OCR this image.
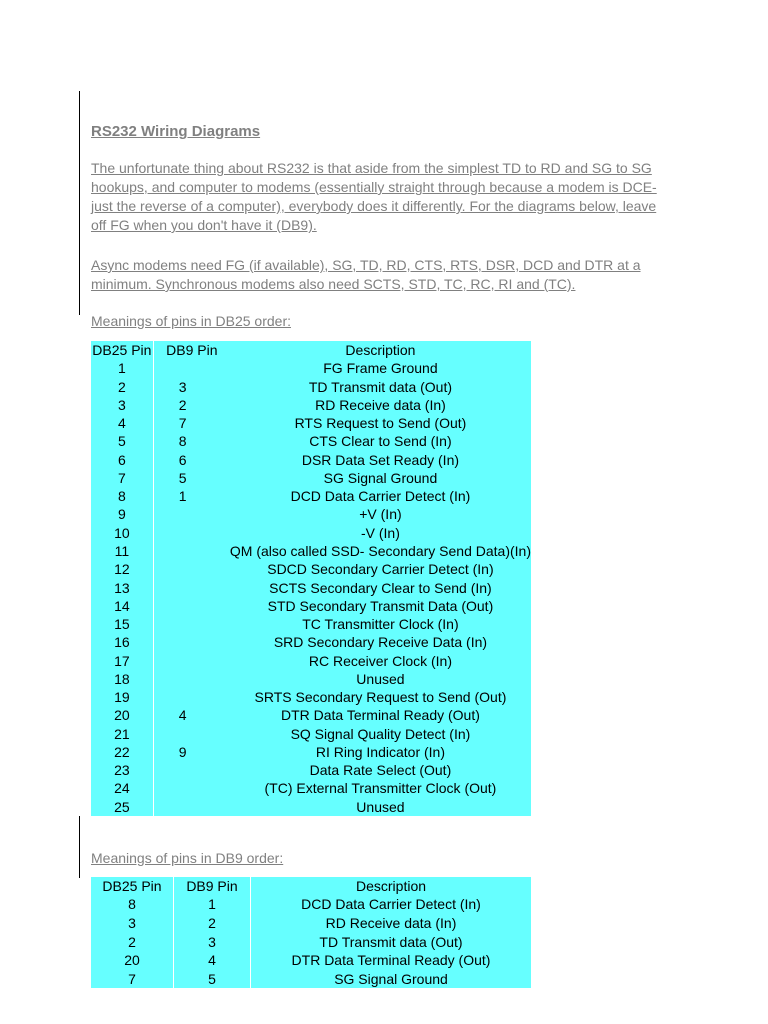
RS232 Wiring Diagrams
The unfortunate thing about RS232 is that aside from the simplest TD to RD and SG to SG hookups, and computer to modems (essentially straight through because a modem is DCE- just the reverse of a computer), everybody does it differently. For the diagrams below, leave off FG when you don't have it (DB9).
Async modems need FG (if available), SG, TD, RD, CTS, RTS, DSR, DCD and DTR at a minimum. Synchronous modems also need SCTS, STD, TC, RC, RI and (TC).
Meanings of pins in DB25 order:
DB25 Pin	DB9 Pin	Description
1		FG Frame Ground
2	3	TD Transmit data (Out)
3	2	RD Receive data (In)
4	7	RTS Request to Send (Out)
5	8	CTS Clear to Send (In)
6	6	DSR Data Set Ready (In)
7	5	SG Signal Ground
8	1	DCD Data Carrier Detect (In)
9		+V (In)
10		-V (In)
11		QM (also called SSD- Secondary Send Data)(In)
12		SDCD Secondary Carrier Detect (In)
13		SCTS Secondary Clear to Send (In)
14		STD Secondary Transmit Data (Out)
15		TC Transmitter Clock (In)
16		SRD Secondary Receive Data (In)
17		RC Receiver Clock (In)
18		Unused
19		SRTS Secondary Request to Send (Out)
20	4	DTR Data Terminal Ready (Out)
21		SQ Signal Quality Detect (In)
22	9	RI Ring Indicator (In)
23		Data Rate Select (Out)
24		(TC) External Transmitter Clock (Out)
25		Unused
Meanings of pins in DB9 order:
DB25 Pin	DB9 Pin	Description
8	1	DCD Data Carrier Detect (In)
3	2	RD Receive data (In)
2	3	TD Transmit data (Out)
20	4	DTR Data Terminal Ready (Out)
7	5	SG Signal Ground
